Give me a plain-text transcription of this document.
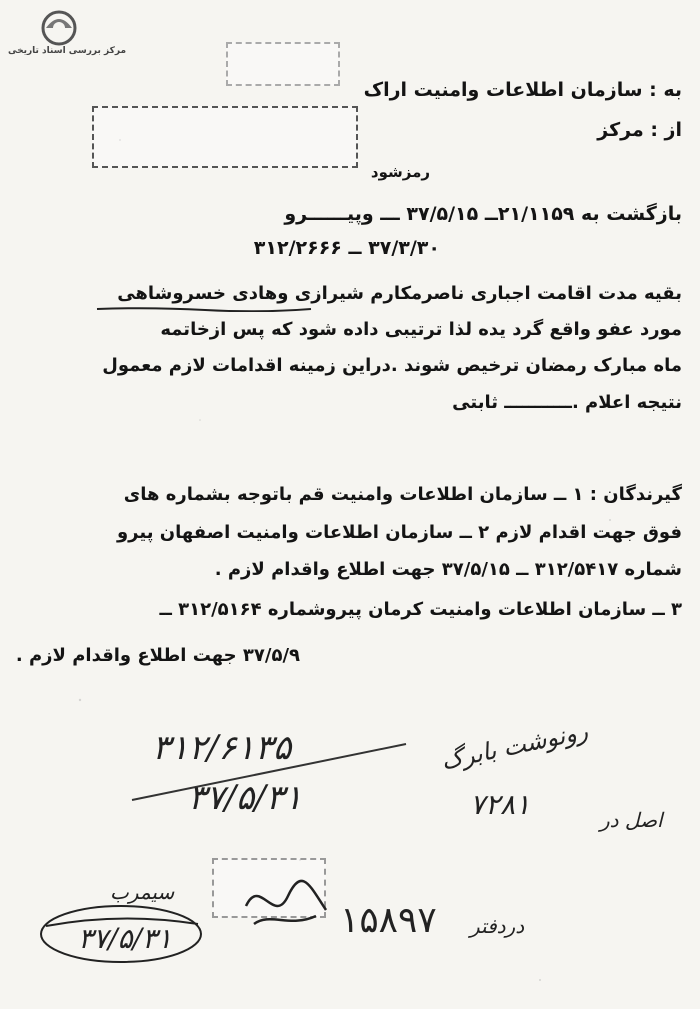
مرکز بررسی اسناد تاریخی
به : سازمان اطلاعات وامنیت اراک
از : مرکز
رمزشود
بازگشت به ۲۱/۱۱۵۹ــ ۳۷/۵/۱۵ ـــ وپیــــــرو
۳۷/۳/۳۰ ــ ۳۱۲/۲۶۶۶
بقیه مدت اقامت اجباری ناصرمکارم شیرازی وهادی خسروشاهی
مورد عفو واقع گرد یده لذا ترتیبی داده شود که پس ازخاتمه
ماه مبارک رمضان ترخیص شوند .دراین زمینه اقدامات لازم معمول
نتیجه اعلام .ـــــــــــ ثابتی
گیرندگان : ۱ ــ سازمان اطلاعات وامنیت قم باتوجه بشماره های
فوق جهت اقدام لازم ۲ ــ سازمان اطلاعات وامنیت اصفهان پیرو
شماره ۳۱۲/۵۴۱۷ ــ ۳۷/۵/۱۵ جهت اطلاع واقدام لازم .
۳ ــ سازمان اطلاعات وامنیت کرمان پیروشماره ۳۱۲/۵۱۶۴ ــ
۳۷/۵/۹ جهت اطلاع واقدام لازم .
۳۱۲/۶۱۳۵
۳۷/۵/۳۱
رونوشت بابرگ
۷۲۸۱	اصل در
۱۵۸۹۷ دردفتر
سیمرب
۳۷/۵/۳۱
